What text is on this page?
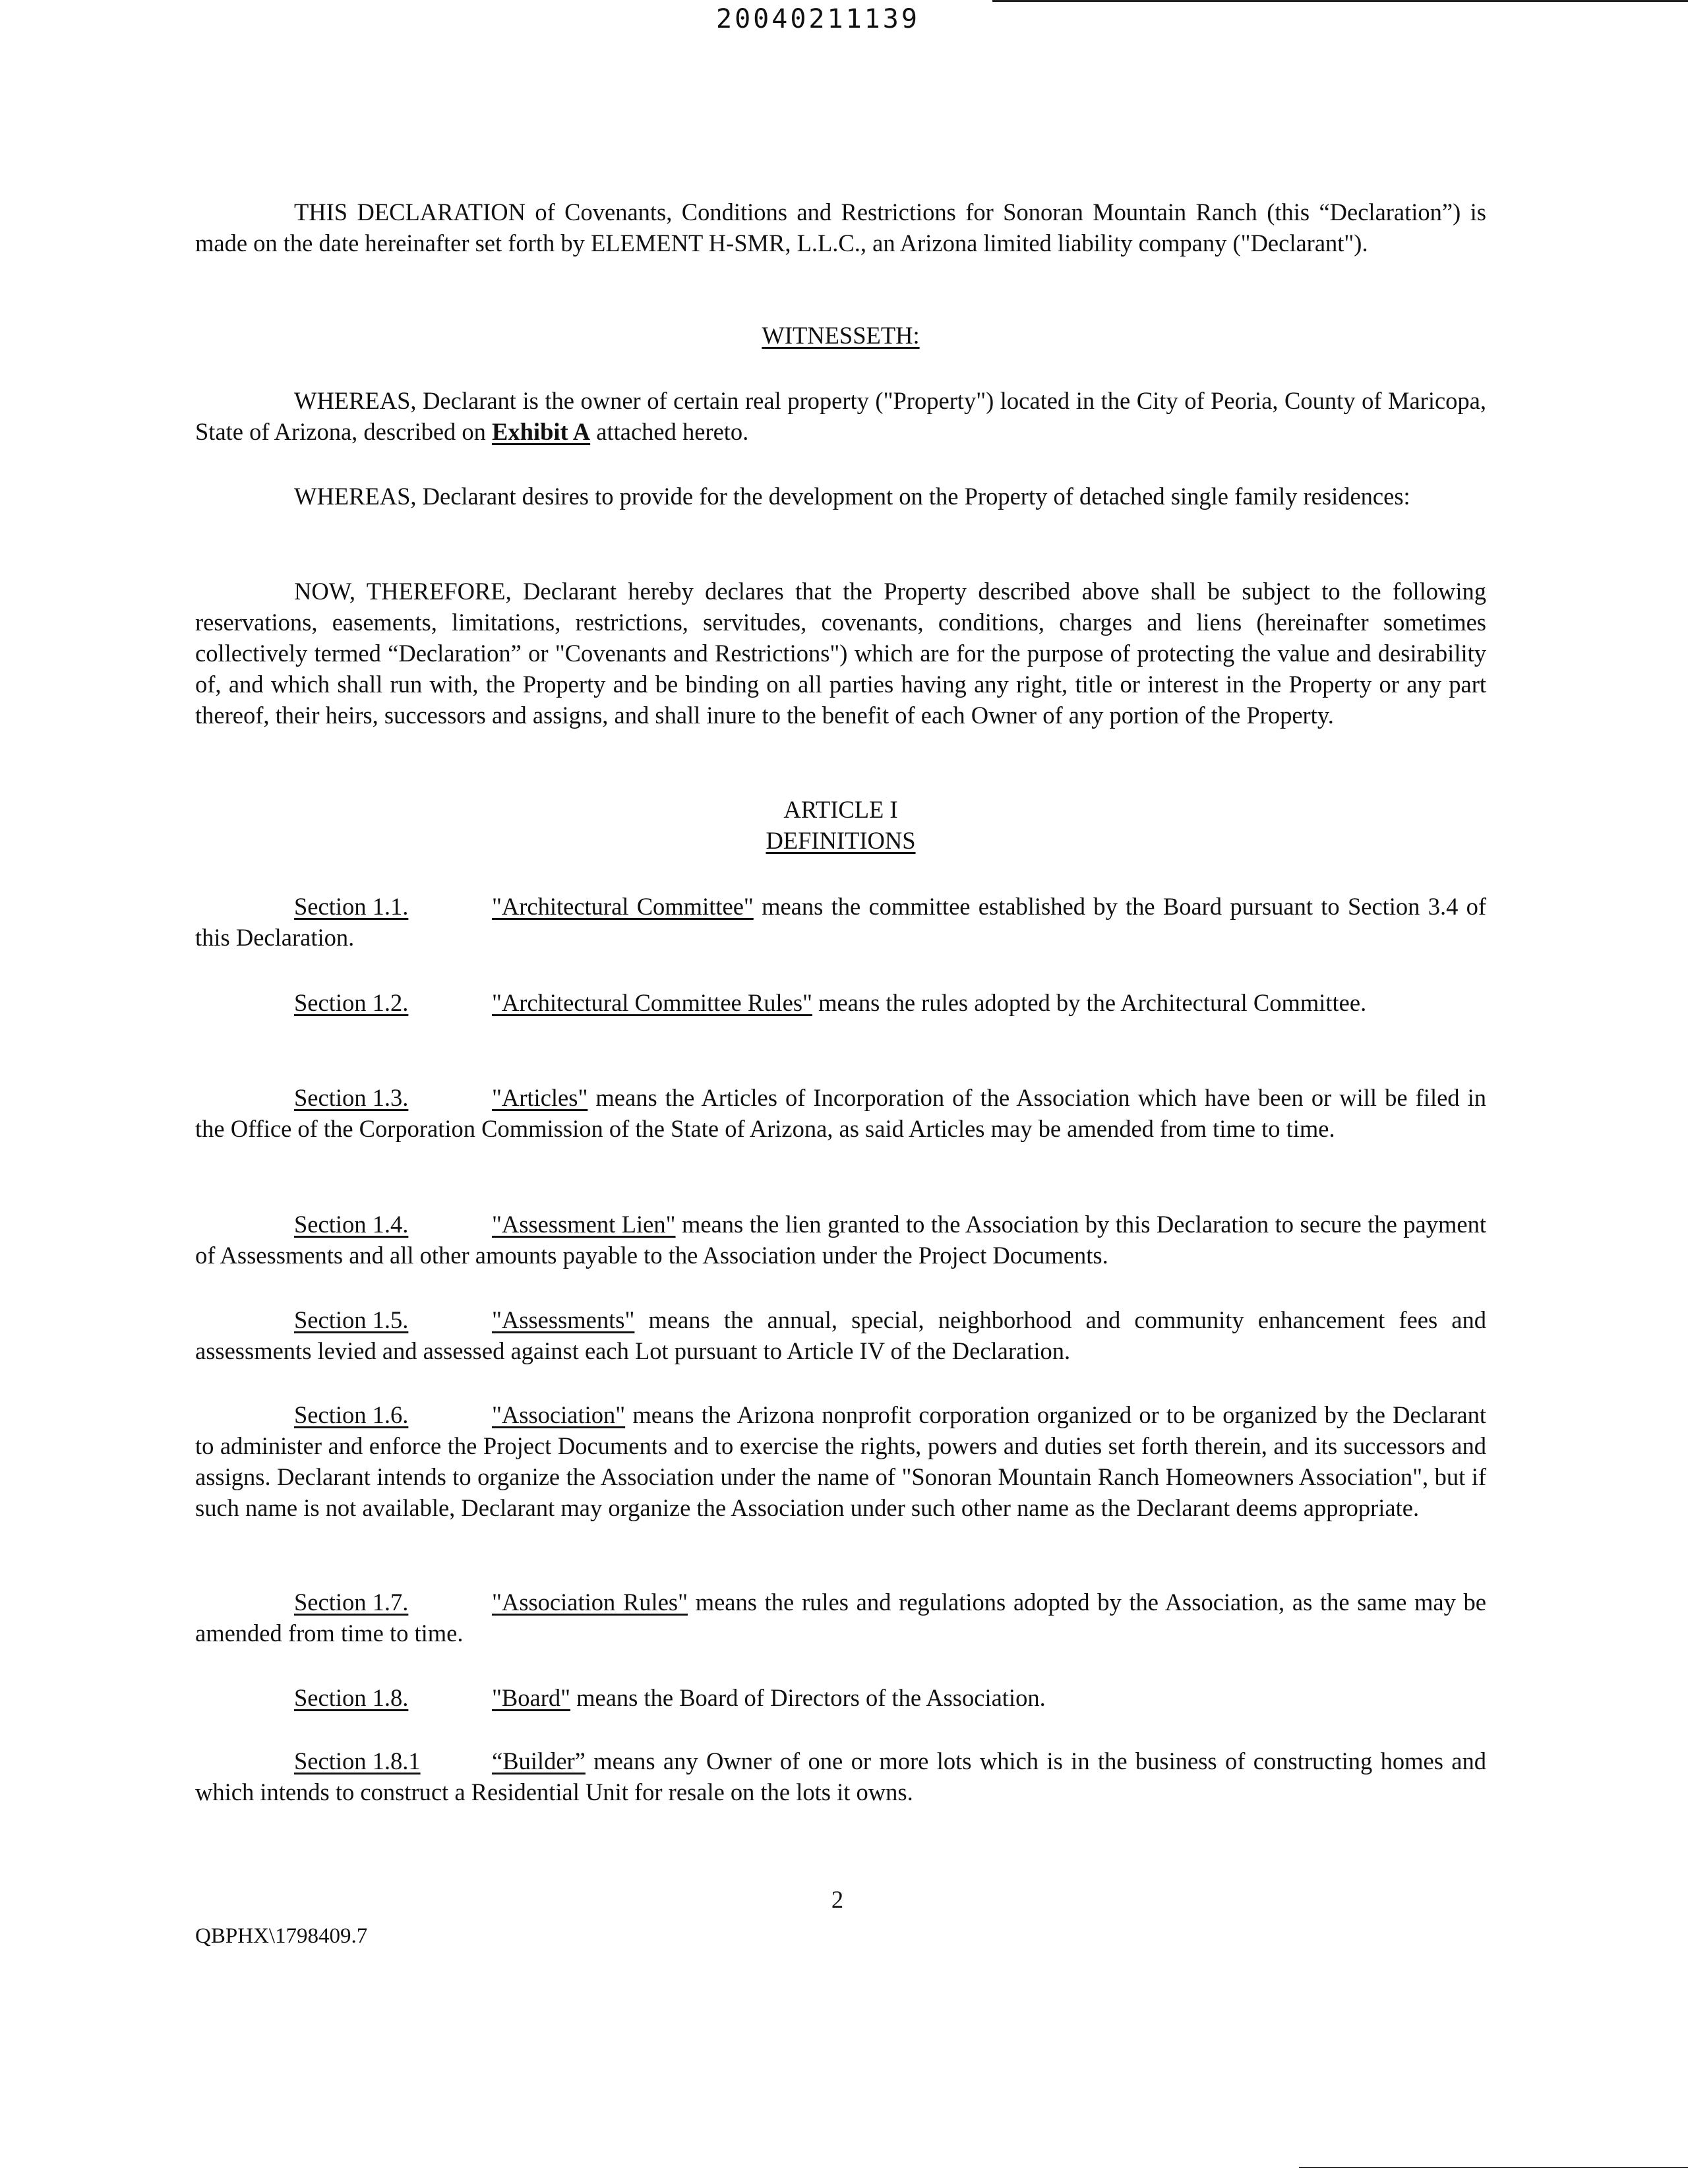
20040211139

THIS DECLARATION of Covenants, Conditions and Restrictions for Sonoran Mountain Ranch (this “Declaration”) is made on the date hereinafter set forth by ELEMENT H-SMR, L.L.C., an Arizona limited liability company ("Declarant").

WITNESSETH:

WHEREAS, Declarant is the owner of certain real property ("Property") located in the City of Peoria, County of Maricopa, State of Arizona, described on Exhibit A attached hereto.

WHEREAS, Declarant desires to provide for the development on the Property of detached single family residences:

NOW, THEREFORE, Declarant hereby declares that the Property described above shall be subject to the following reservations, easements, limitations, restrictions, servitudes, covenants, conditions, charges and liens (hereinafter sometimes collectively termed “Declaration” or "Covenants and Restrictions") which are for the purpose of protecting the value and desirability of, and which shall run with, the Property and be binding on all parties having any right, title or interest in the Property or any part thereof, their heirs, successors and assigns, and shall inure to the benefit of each Owner of any portion of the Property.

ARTICLE I

DEFINITIONS

Section 1.1.	"Architectural Committee" means the committee established by the Board pursuant to Section 3.4 of this Declaration.

Section 1.2.	"Architectural Committee Rules" means the rules adopted by the Architectural Committee.

Section 1.3.	"Articles" means the Articles of Incorporation of the Association which have been or will be filed in the Office of the Corporation Commission of the State of Arizona, as said Articles may be amended from time to time.

Section 1.4.	"Assessment Lien" means the lien granted to the Association by this Declaration to secure the payment of Assessments and all other amounts payable to the Association under the Project Documents.

Section 1.5.	"Assessments" means the annual, special, neighborhood and community enhancement fees and assessments levied and assessed against each Lot pursuant to Article IV of the Declaration.

Section 1.6.	"Association" means the Arizona nonprofit corporation organized or to be organized by the Declarant to administer and enforce the Project Documents and to exercise the rights, powers and duties set forth therein, and its successors and assigns. Declarant intends to organize the Association under the name of "Sonoran Mountain Ranch Homeowners Association", but if such name is not available, Declarant may organize the Association under such other name as the Declarant deems appropriate.

Section 1.7.	"Association Rules" means the rules and regulations adopted by the Association, as the same may be amended from time to time.

Section 1.8.	"Board" means the Board of Directors of the Association.

Section 1.8.1	“Builder” means any Owner of one or more lots which is in the business of constructing homes and which intends to construct a Residential Unit for resale on the lots it owns.

2
QBPHX\1798409.7
